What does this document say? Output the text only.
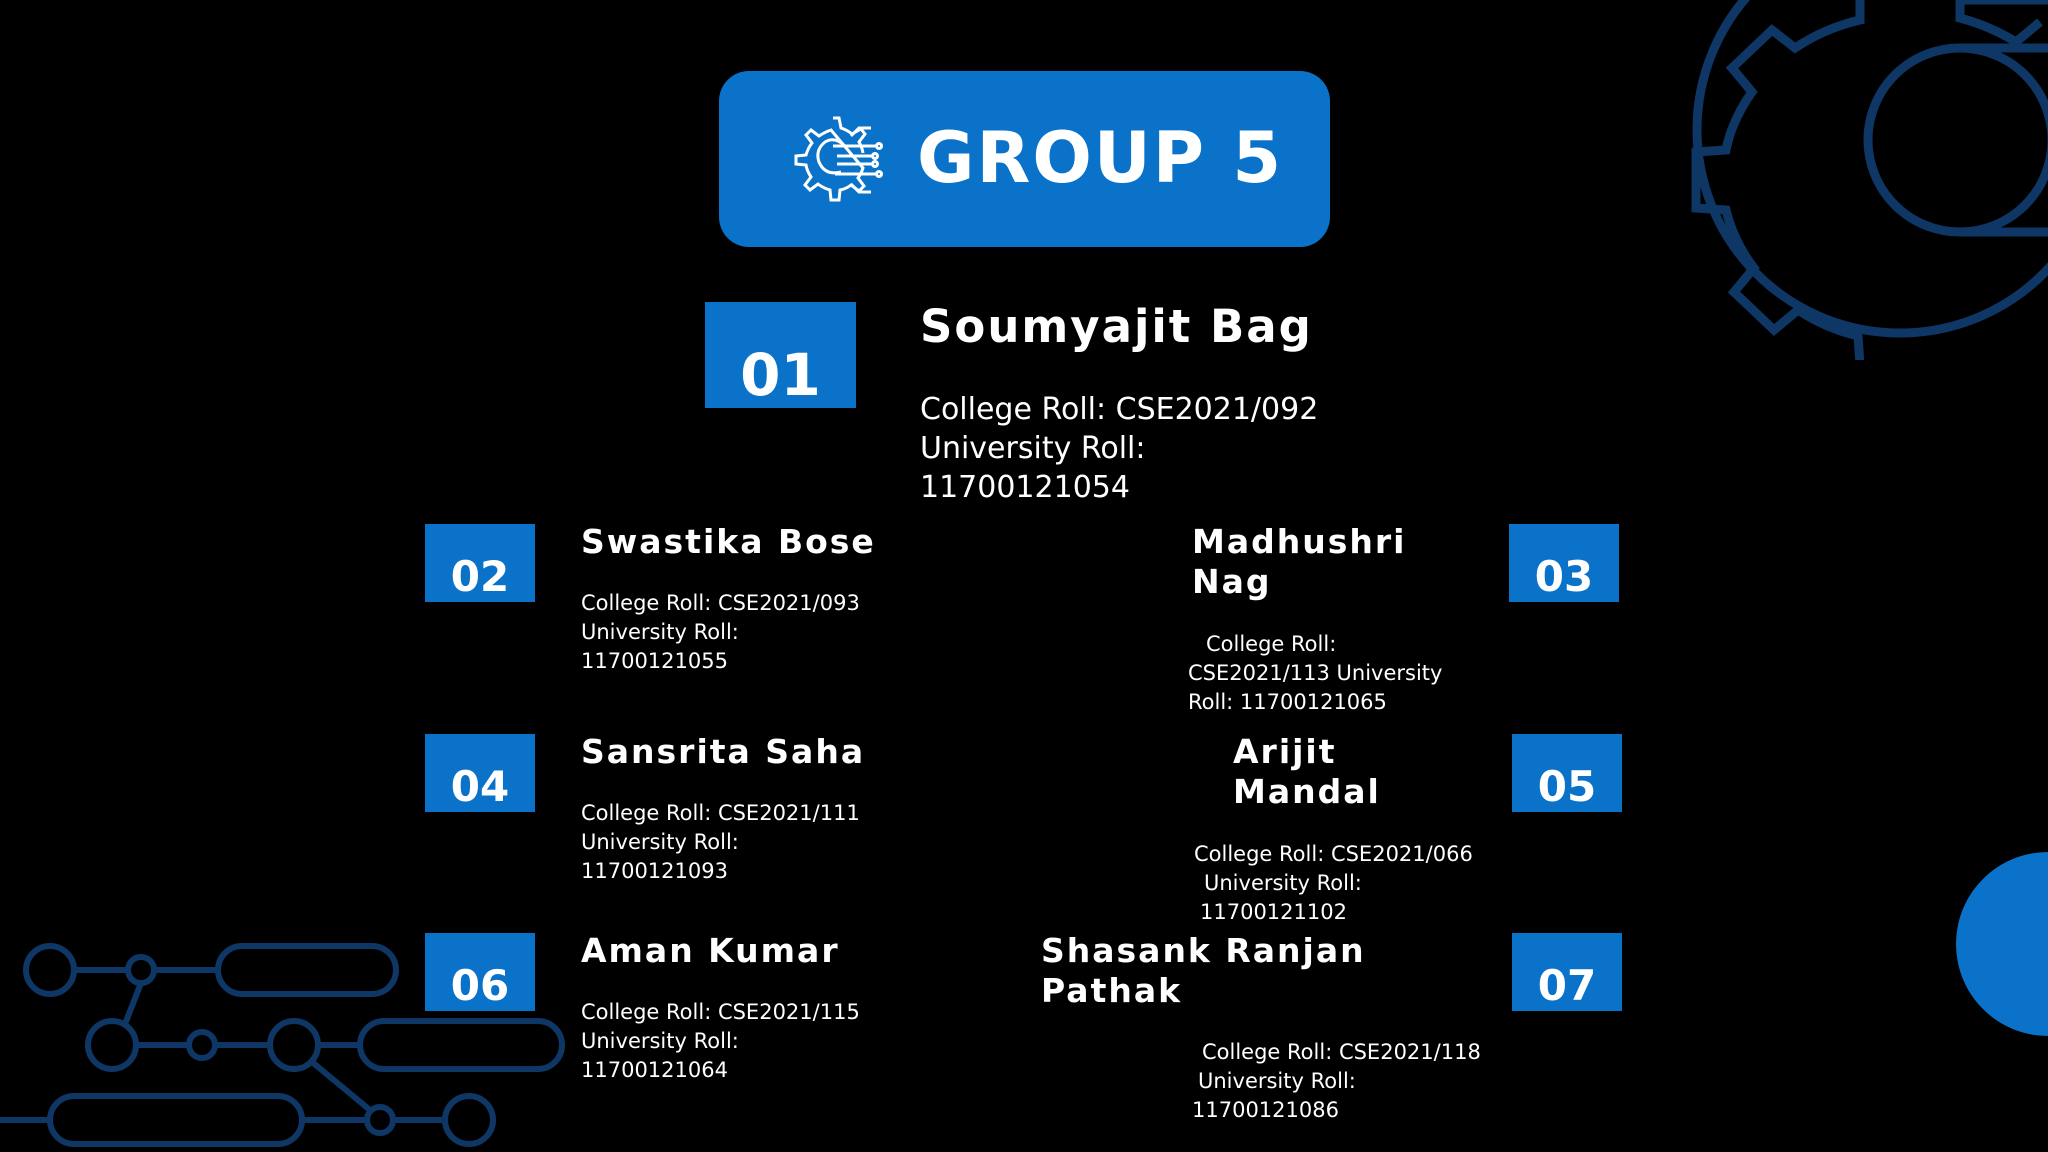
GROUP 5
01
Soumyajit Bag
College Roll: CSE2021/092
University Roll:
11700121054
02
Swastika Bose
College Roll: CSE2021/093
University Roll:
11700121055
03
Madhushri
Nag
College Roll:
CSE2021/113 University
Roll: 11700121065
04
Sansrita Saha
College Roll: CSE2021/111
University Roll:
11700121093
05
Arijit
Mandal
College Roll: CSE2021/066
University Roll:
11700121102
06
Aman Kumar
College Roll: CSE2021/115
University Roll:
11700121064
07
Shasank Ranjan
Pathak
College Roll: CSE2021/118
University Roll:
11700121086
